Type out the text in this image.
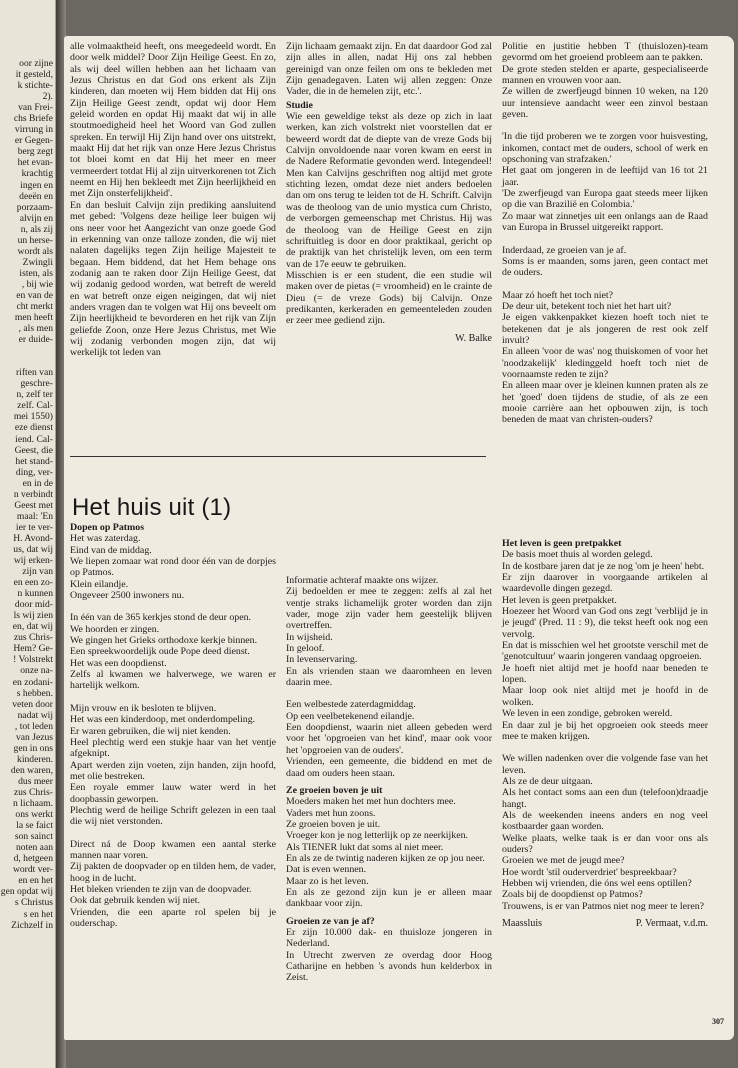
oor zijne

it gesteld,

k stichte-

2).

van Frei-

chs Briefe

virrung in

er Gegen-

berg zegt

het evan-

krachtig

ingen en

deeën en

porzaam-

alvijn en

n, als zij

un herse-

wordt als

Zwingli

isten, als

, bij wie

en van de

cht merkt

men heeft

, als men

er duide-

riften van

geschre-

n, zelf ter

zelf. Cal-

mei 1550)

eze dienst

iend. Cal-

Geest, die

het stand-

ding, ver-

en in de

n verbindt

Geest met

maal: 'En

ier te ver-

H. Avond-

us, dat wij

wij erken-

zijn van

en een zo-

n kunnen

door mid-

ls wij zien

en, dat wij

zus Chris-

Hem? Ge-

! Volstrekt

onze na-

en zodani-

s hebben.

veten door

nadat wij

, tot leden

van Jezus

gen in ons

kinderen.

den waren,

dus meer

zus Chris-

n lichaam.

ons werkt

la se faict

son sainct

noten aan

d, hetgeen

wordt ver-

en en het

gen opdat wij

s Christus

s en het

Zichzelf in

alle volmaaktheid heeft, ons meegedeeld wordt. En door welk middel? Door Zijn Heilige Geest. En zo, als wij deel willen hebben aan het lichaam van Jezus Christus en dat God ons erkent als Zijn kinderen, dan moeten wij Hem bidden dat Hij ons Zijn Heilige Geest zendt, opdat wij door Hem geleid worden en opdat Hij maakt dat wij in alle stoutmoedigheid heel het Woord van God zullen spreken. En terwijl Hij Zijn hand over ons uitstrekt, maakt Hij dat het rijk van onze Here Jezus Christus tot bloei komt en dat Hij het meer en meer vermeerdert totdat Hij al zijn uitverkorenen tot Zich neemt en Hij hen bekleedt met Zijn heerlijkheid en met Zijn onsterfelijkheid'.

En dan besluit Calvijn zijn prediking aansluitend met gebed: 'Volgens deze heilige leer buigen wij ons neer voor het Aangezicht van onze goede God in erkenning van onze talloze zonden, die wij niet nalaten dagelijks tegen Zijn heilige Majesteit te begaan. Hem biddend, dat het Hem behage ons zodanig aan te raken door Zijn Heilige Geest, dat wij zodanig gedood worden, wat betreft de wereld en wat betreft onze eigen neigingen, dat wij niet anders vragen dan te volgen wat Hij ons beveelt om Zijn heerlijkheid te bevorderen en het rijk van Zijn geliefde Zoon, onze Here Jezus Christus, met Wie wij zodanig verbonden mogen zijn, dat wij werkelijk tot leden van

Zijn lichaam gemaakt zijn. En dat daardoor God zal zijn alles in allen, nadat Hij ons zal hebben gereinigd van onze feilen om ons te bekleden met Zijn genadegaven. Laten wij allen zeggen: Onze Vader, die in de hemelen zijt, etc.'.

Studie

Wie een geweldige tekst als deze op zich in laat werken, kan zich volstrekt niet voorstellen dat er beweerd wordt dat de diepte van de vreze Gods bij Calvijn onvoldoende naar voren kwam en eerst in de Nadere Reformatie gevonden werd. Integendeel! Men kan Calvijns geschriften nog altijd met grote stichting lezen, omdat deze niet anders bedoelen dan om ons terug te leiden tot de H. Schrift. Calvijn was de theoloog van de unio mystica cum Christo, de verborgen gemeenschap met Christus. Hij was de theoloog van de Heilige Geest en zijn schriftuitleg is door en door praktikaal, gericht op de praktijk van het christelijk leven, om een term van de 17e eeuw te gebruiken.

Misschien is er een student, die een studie wil maken over de pietas (= vroomheid) en le crainte de Dieu (= de vreze Gods) bij Calvijn. Onze predikanten, kerkeraden en gemeenteleden zouden er zeer mee gediend zijn.

W. Balke

Politie en justitie hebben T (thuislozen)-team gevormd om het groeiend probleem aan te pakken.

De grote steden stelden er aparte, gespecialiseerde mannen en vrouwen voor aan.

Ze willen de zwerfjeugd binnen 10 weken, na 120 uur intensieve aandacht weer een zinvol bestaan geven.

'In die tijd proberen we te zorgen voor huisvesting, inkomen, contact met de ouders, school of werk en opschoning van strafzaken.'

Het gaat om jongeren in de leeftijd van 16 tot 21 jaar.

'De zwerfjeugd van Europa gaat steeds meer lijken op die van Brazilië en Colombia.'

Zo maar wat zinnetjes uit een onlangs aan de Raad van Europa in Brussel uitgereikt rapport.

Inderdaad, ze groeien van je af.

Soms is er maanden, soms jaren, geen contact met de ouders.

Maar zó hoeft het toch niet?

De deur uit, betekent toch niet het hart uit?

Je eigen vakkenpakket kiezen hoeft toch niet te betekenen dat je als jongeren de rest ook zelf invult?

En alleen 'voor de was' nog thuiskomen of voor het 'noodzakelijk' kledinggeld hoeft toch niet de voornaamste reden te zijn?

En alleen maar over je kleinen kunnen praten als ze het 'goed' doen tijdens de studie, of als ze een mooie carrière aan het opbouwen zijn, is toch beneden de maat van christen-ouders?

Het huis uit (1)

Dopen op Patmos

Het was zaterdag.

Eind van de middag.

We liepen zomaar wat rond door één van de dorpjes op Patmos.

Klein eilandje.

Ongeveer 2500 inwoners nu.

In één van de 365 kerkjes stond de deur open.

We hoorden er zingen.

We gingen het Grieks orthodoxe kerkje binnen.

Een spreekwoordelijk oude Pope deed dienst.

Het was een doopdienst.

Zelfs al kwamen we halverwege, we waren er hartelijk welkom.

Mijn vrouw en ik besloten te blijven.

Het was een kinderdoop, met onderdompeling.

Er waren gebruiken, die wij niet kenden.

Heel plechtig werd een stukje haar van het ventje afgeknipt.

Apart werden zijn voeten, zijn handen, zijn hoofd, met olie bestreken.

Een royale emmer lauw water werd in het doopbassin geworpen.

Plechtig werd de heilige Schrift gelezen in een taal die wij niet verstonden.

Direct ná de Doop kwamen een aantal sterke mannen naar voren.

Zij pakten de doopvader op en tilden hem, de vader, hoog in de lucht.

Het bleken vrienden te zijn van de doopvader.

Ook dat gebruik kenden wij niet.

Vrienden, die een aparte rol spelen bij je ouderschap.

Informatie achteraf maakte ons wijzer.

Zij bedoelden er mee te zeggen: zelfs al zal het ventje straks lichamelijk groter worden dan zijn vader, moge zijn vader hem geestelijk blijven overtreffen.

In wijsheid.

In geloof.

In levenservaring.

En als vrienden staan we daaromheen en leven daarin mee.

Een welbestede zaterdagmiddag.

Op een veelbetekenend eilandje.

Een doopdienst, waarin niet alleen gebeden werd voor het 'opgroeien van het kind', maar ook voor het 'opgroeien van de ouders'.

Vrienden, een gemeente, die biddend en met de daad om ouders heen staan.

Ze groeien boven je uit

Moeders maken het met hun dochters mee.

Vaders met hun zoons.

Ze groeien boven je uit.

Vroeger kon je nog letterlijk op ze neerkijken.

Als TIENER lukt dat soms al niet meer.

En als ze de twintig naderen kijken ze op jou neer.

Dat is even wennen.

Maar zo is het leven.

En als ze gezond zijn kun je er alleen maar dankbaar voor zijn.

Groeien ze van je af?

Er zijn 10.000 dak- en thuisloze jongeren in Nederland.

In Utrecht zwerven ze overdag door Hoog Catharijne en hebben 's avonds hun kelderbox in Zeist.

Het leven is geen pretpakket

De basis moet thuis al worden gelegd.

In de kostbare jaren dat je ze nog 'om je heen' hebt.

Er zijn daarover in voorgaande artikelen al waardevolle dingen gezegd.

Het leven is geen pretpakket.

Hoezeer het Woord van God ons zegt 'verblijd je in je jeugd' (Pred. 11 : 9), die tekst heeft ook nog een vervolg.

En dat is misschien wel het grootste verschil met de 'genotcultuur' waarin jongeren vandaag opgroeien.

Je hoeft niet altijd met je hoofd naar beneden te lopen.

Maar loop ook niet altijd met je hoofd in de wolken.

We leven in een zondige, gebroken wereld.

En daar zul je bij het opgroeien ook steeds meer mee te maken krijgen.

We willen nadenken over die volgende fase van het leven.

Als ze de deur uitgaan.

Als het contact soms aan een dun (telefoon)draadje hangt.

Als de weekenden ineens anders en nog veel kostbaarder gaan worden.

Welke plaats, welke taak is er dan voor ons als ouders?

Groeien we met de jeugd mee?

Hoe wordt 'stil ouderverdriet' bespreekbaar?

Hebben wij vrienden, die óns wel eens optillen?

Zoals bij de doopdienst op Patmos?

Trouwens, is er van Patmos niet nog meer te leren?

Maassluis	P. Vermaat, v.d.m.
307
